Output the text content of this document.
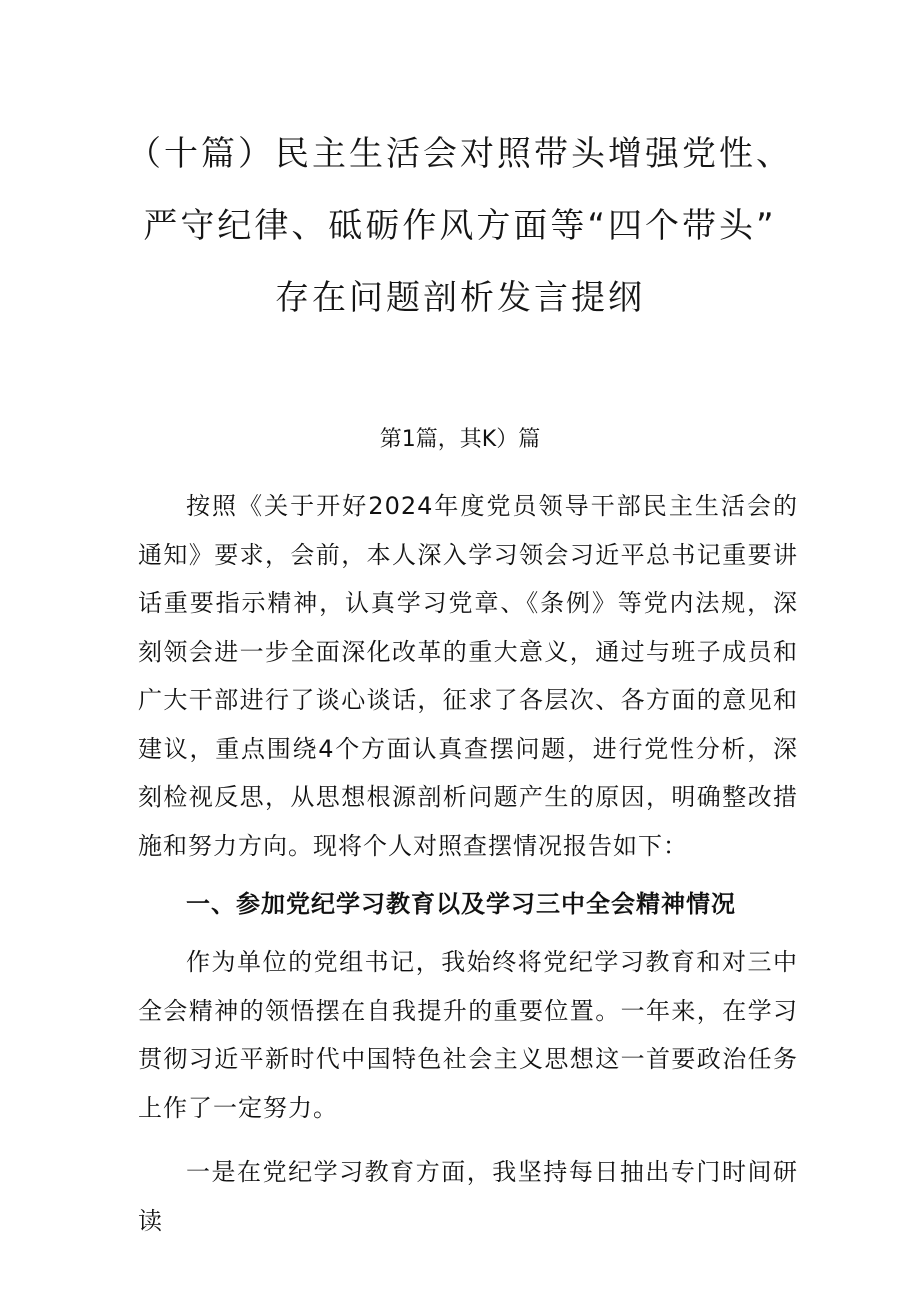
（十篇）民主生活会对照带头增强党性、
严守纪律、砥砺作风方面等“四个带头”
存在问题剖析发言提纲
第1篇，其K）篇

按照《关于开好2024年度党员领导干部民主生活会的通知》要求，会前，本人深入学习领会习近平总书记重要讲话重要指示精神，认真学习党章、《条例》等党内法规，深刻领会进一步全面深化改革的重大意义，通过与班子成员和广大干部进行了谈心谈话，征求了各层次、各方面的意见和建议，重点围绕4个方面认真查摆问题，进行党性分析，深刻检视反思，从思想根源剖析问题产生的原因，明确整改措施和努力方向。现将个人对照查摆情况报告如下：

一、参加党纪学习教育以及学习三中全会精神情况

作为单位的党组书记，我始终将党纪学习教育和对三中全会精神的领悟摆在自我提升的重要位置。一年来，在学习贯彻习近平新时代中国特色社会主义思想这一首要政治任务上作了一定努力。

一是在党纪学习教育方面，我坚持每日抽出专门时间研读
